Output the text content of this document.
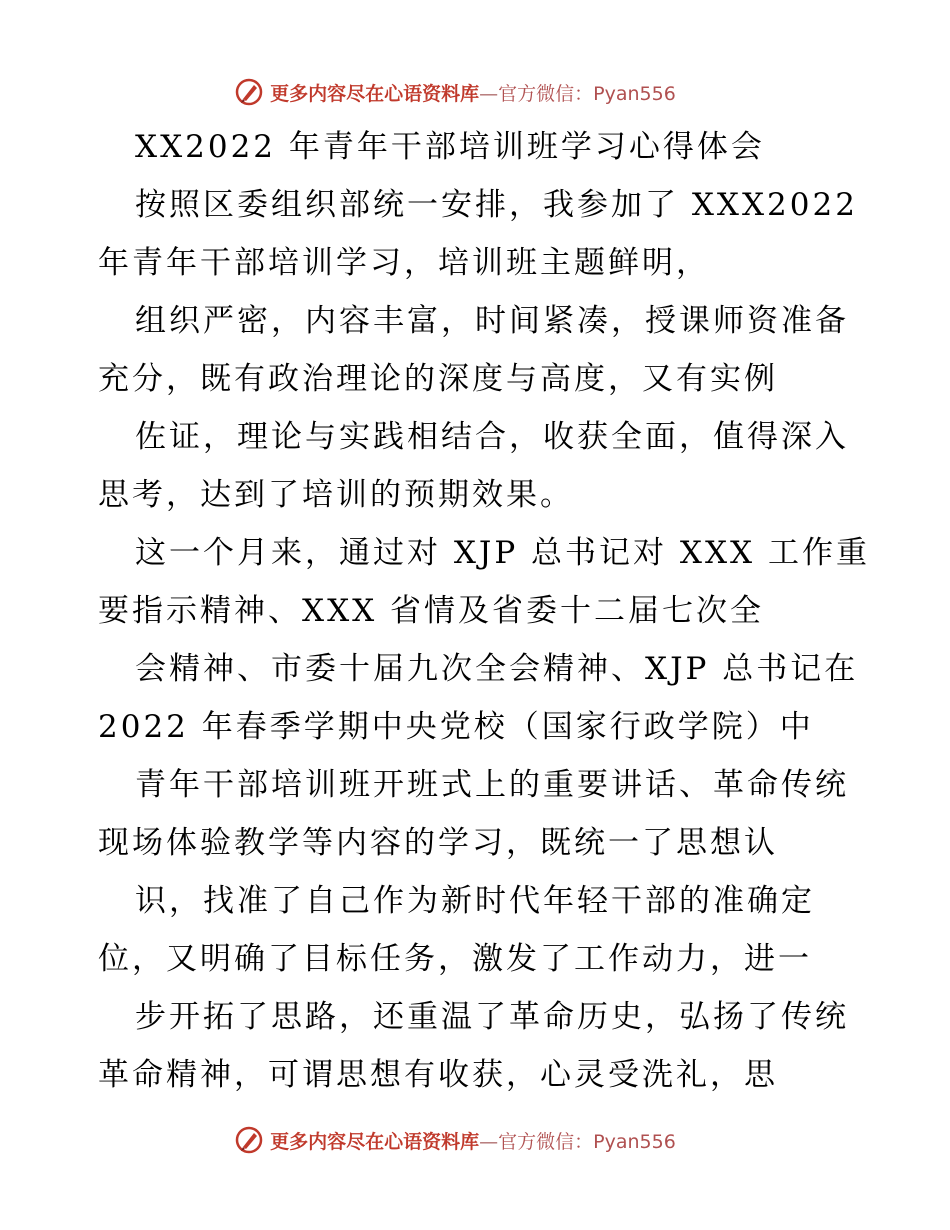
更多内容尽在心语资料库—官方微信：Pyan556
XX2022 年青年干部培训班学习心得体会
按照区委组织部统一安排，我参加了 XXX2022
年青年干部培训学习，培训班主题鲜明，
组织严密，内容丰富，时间紧凑，授课师资准备
充分，既有政治理论的深度与高度，又有实例
佐证，理论与实践相结合，收获全面，值得深入
思考，达到了培训的预期效果。
这一个月来，通过对 XJP 总书记对 XXX 工作重
要指示精神、XXX 省情及省委十二届七次全
会精神、市委十届九次全会精神、XJP 总书记在
2022 年春季学期中央党校（国家行政学院）中
青年干部培训班开班式上的重要讲话、革命传统
现场体验教学等内容的学习，既统一了思想认
识，找准了自己作为新时代年轻干部的准确定
位，又明确了目标任务，激发了工作动力，进一
步开拓了思路，还重温了革命历史，弘扬了传统
革命精神，可谓思想有收获，心灵受洗礼，思
更多内容尽在心语资料库—官方微信：Pyan556
